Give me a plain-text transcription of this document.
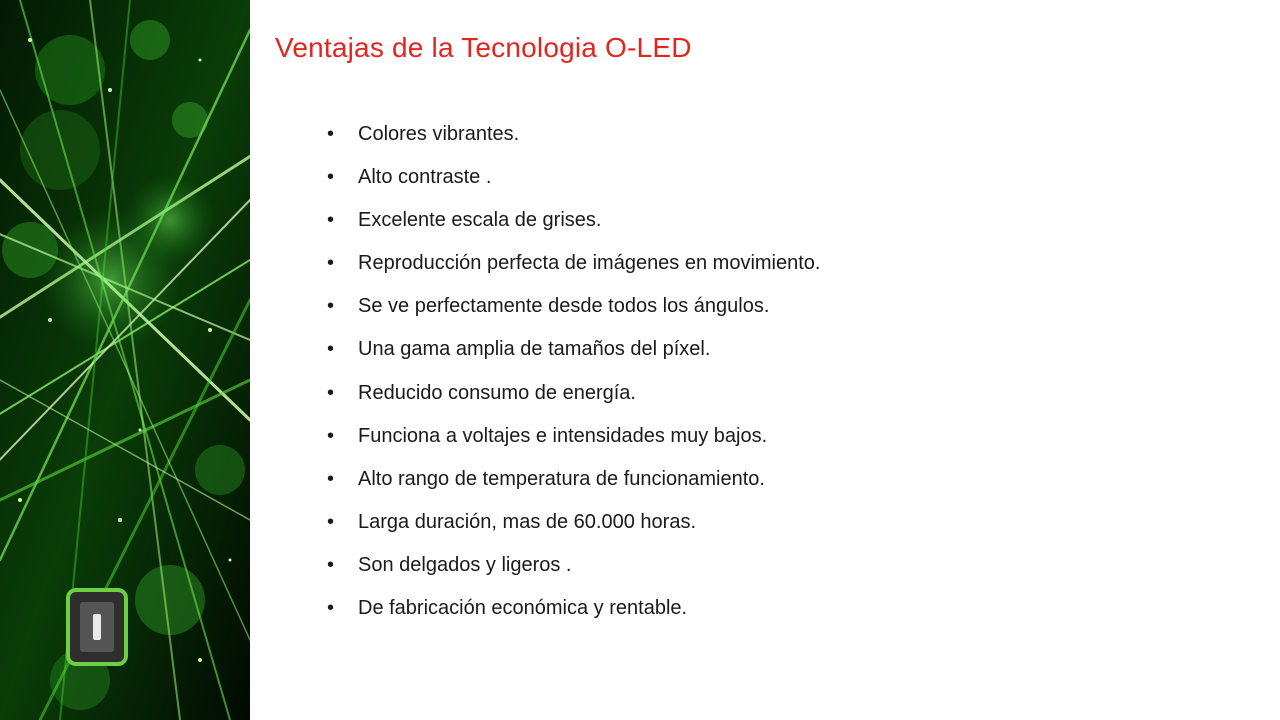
Ventajas de la Tecnologia O-LED
• Colores vibrantes.
• Alto contraste .
• Excelente escala de grises.
• Reproducción perfecta de imágenes en movimiento.
• Se ve perfectamente desde todos los ángulos.
• Una gama amplia de tamaños del píxel.
• Reducido consumo de energía.
• Funciona a voltajes e intensidades muy bajos.
• Alto rango de temperatura de funcionamiento.
• Larga duración, mas de 60.000 horas.
• Son delgados y ligeros .
• De fabricación económica y rentable.
